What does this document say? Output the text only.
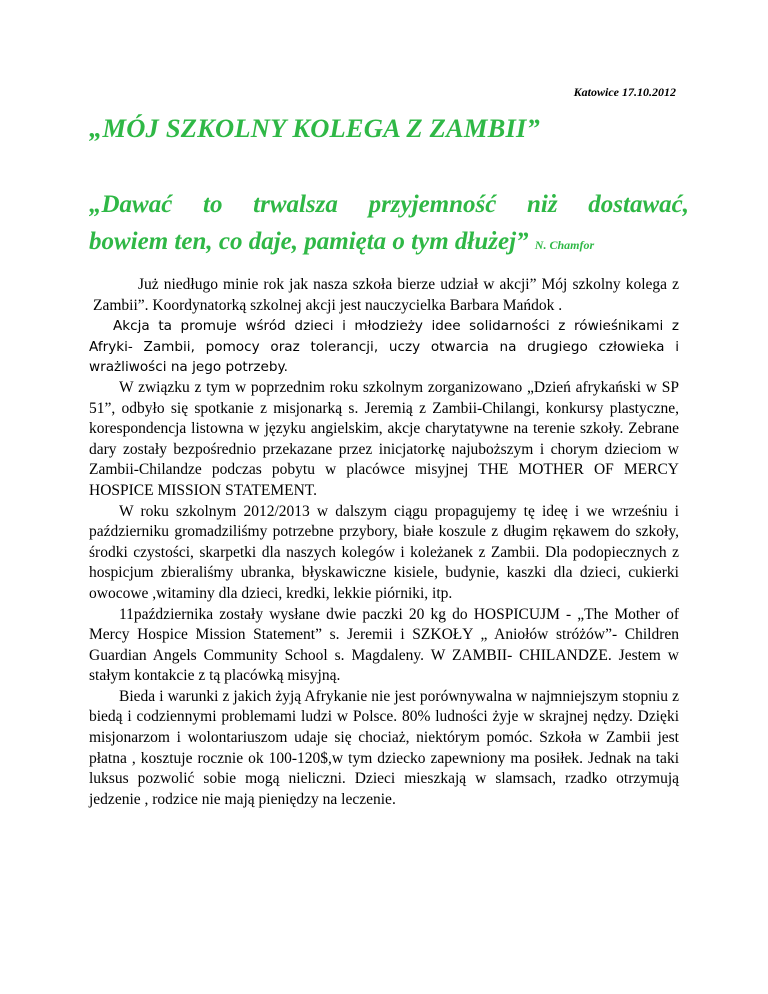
Katowice 17.10.2012
„MÓJ SZKOLNY KOLEGA Z ZAMBII”
„Dawać to trwalsza przyjemność niż dostawać,
bowiem ten, co daje, pamięta o tym dłużej” N. Chamfor

Już niedługo minie rok jak nasza szkoła bierze udział w akcji” Mój szkolny kolega z Zambii”. Koordynatorką szkolnej akcji jest nauczycielka Barbara Mańdok .

Akcja ta promuje wśród dzieci i młodzieży idee solidarności z rówieśnikami z Afryki- Zambii, pomocy oraz tolerancji, uczy otwarcia na drugiego człowieka i wrażliwości na jego potrzeby.

W związku z tym w poprzednim roku szkolnym zorganizowano „Dzień afrykański w SP 51”, odbyło się spotkanie z misjonarką s. Jeremią z Zambii-Chilangi, konkursy plastyczne, korespondencja listowna w języku angielskim, akcje charytatywne na terenie szkoły. Zebrane dary zostały bezpośrednio przekazane przez inicjatorkę najuboższym i chorym dzieciom w Zambii-Chilandze podczas pobytu w placówce misyjnej THE MOTHER OF MERCY HOSPICE MISSION STATEMENT.

W roku szkolnym 2012/2013 w dalszym ciągu propagujemy tę ideę i we wrześniu i październiku gromadziliśmy potrzebne przybory, białe koszule z długim rękawem do szkoły, środki czystości, skarpetki dla naszych kolegów i koleżanek z Zambii. Dla podopiecznych z hospicjum zbieraliśmy ubranka, błyskawiczne kisiele, budynie, kaszki dla dzieci, cukierki owocowe ,witaminy dla dzieci, kredki, lekkie piórniki, itp.

11października zostały wysłane dwie paczki 20 kg do HOSPICUJM - „The Mother of Mercy Hospice Mission Statement” s. Jeremii i SZKOŁY „ Aniołów stróżów”- Children Guardian Angels Community School s. Magdaleny. W ZAMBII- CHILANDZE. Jestem w stałym kontakcie z tą placówką misyjną.

Bieda i warunki z jakich żyją Afrykanie nie jest porównywalna w najmniejszym stopniu z biedą i codziennymi problemami ludzi w Polsce. 80% ludności żyje w skrajnej nędzy. Dzięki misjonarzom i wolontariuszom udaje się chociaż, niektórym pomóc. Szkoła w Zambii jest płatna , kosztuje rocznie ok 100-120$,w tym dziecko zapewniony ma posiłek. Jednak na taki luksus pozwolić sobie mogą nieliczni. Dzieci mieszkają w slamsach, rzadko otrzymują jedzenie , rodzice nie mają pieniędzy na leczenie.
